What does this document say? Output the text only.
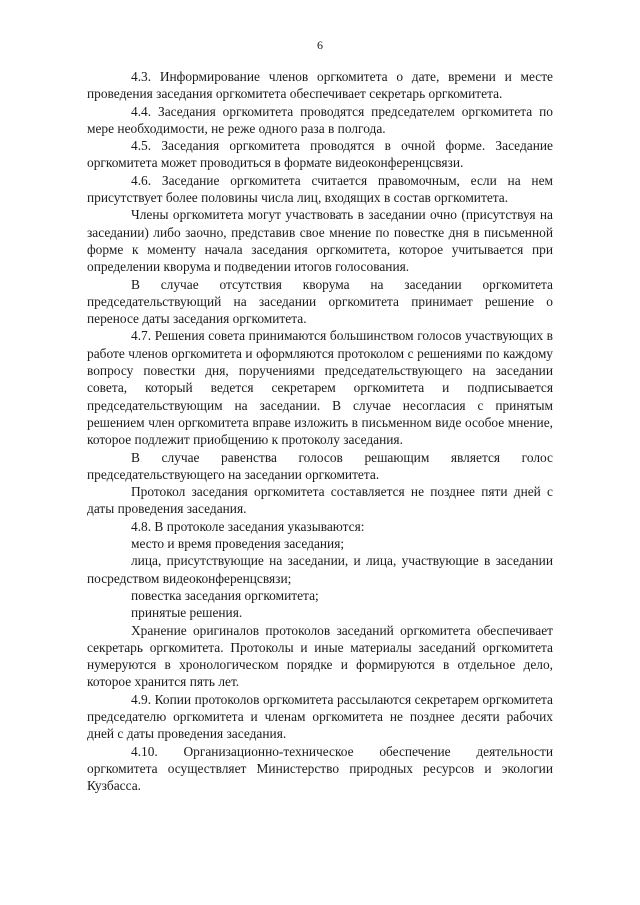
6

4.3. Информирование членов оргкомитета о дате, времени и месте проведения заседания оргкомитета обеспечивает секретарь оргкомитета.

4.4. Заседания оргкомитета проводятся председателем оргкомитета по мере необходимости, не реже одного раза в полгода.

4.5. Заседания оргкомитета проводятся в очной форме. Заседание оргкомитета может проводиться в формате видеоконференцсвязи.

4.6. Заседание оргкомитета считается правомочным, если на нем присутствует более половины числа лиц, входящих в состав оргкомитета.

Члены оргкомитета могут участвовать в заседании очно (присутствуя на заседании) либо заочно, представив свое мнение по повестке дня в письменной форме к моменту начала заседания оргкомитета, которое учитывается при определении кворума и подведении итогов голосования.

В случае отсутствия кворума на заседании оргкомитета председательствующий на заседании оргкомитета принимает решение о переносе даты заседания оргкомитета.

4.7. Решения совета принимаются большинством голосов участвующих в работе членов оргкомитета и оформляются протоколом с решениями по каждому вопросу повестки дня, поручениями председательствующего на заседании совета, который ведется секретарем оргкомитета и подписывается председательствующим на заседании. В случае несогласия с принятым решением член оргкомитета вправе изложить в письменном виде особое мнение, которое подлежит приобщению к протоколу заседания.

В случае равенства голосов решающим является голос председательствующего на заседании оргкомитета.

Протокол заседания оргкомитета составляется не позднее пяти дней с даты проведения заседания.

4.8. В протоколе заседания указываются:

место и время проведения заседания;

лица, присутствующие на заседании, и лица, участвующие в заседании посредством видеоконференцсвязи;

повестка заседания оргкомитета;

принятые решения.

Хранение оригиналов протоколов заседаний оргкомитета обеспечивает секретарь оргкомитета. Протоколы и иные материалы заседаний оргкомитета нумеруются в хронологическом порядке и формируются в отдельное дело, которое хранится пять лет.

4.9. Копии протоколов оргкомитета рассылаются секретарем оргкомитета председателю оргкомитета и членам оргкомитета не позднее десяти рабочих дней с даты проведения заседания.

4.10. Организационно-техническое обеспечение деятельности оргкомитета осуществляет Министерство природных ресурсов и экологии Кузбасса.
